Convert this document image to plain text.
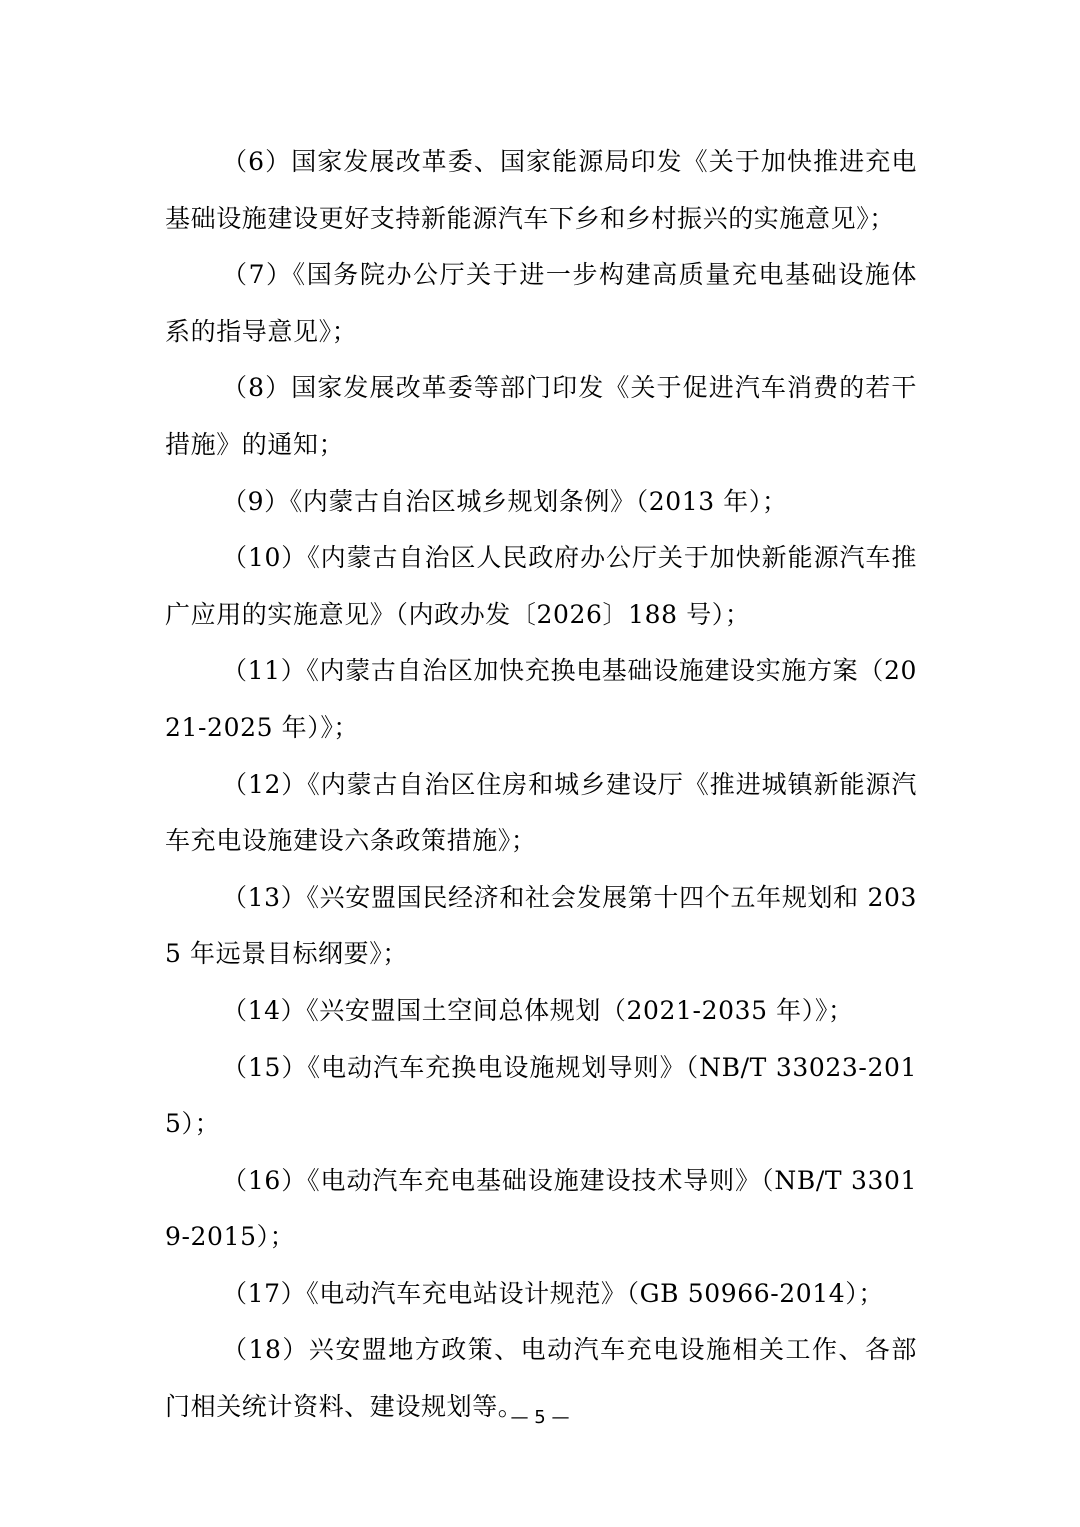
（6）国家发展改革委、国家能源局印发《关于加快推进充电基础设施建设更好支持新能源汽车下乡和乡村振兴的实施意见》；

（7）《国务院办公厅关于进一步构建高质量充电基础设施体系的指导意见》；

（8）国家发展改革委等部门印发《关于促进汽车消费的若干措施》的通知；

（9）《内蒙古自治区城乡规划条例》（2013 年）；

（10）《内蒙古自治区人民政府办公厅关于加快新能源汽车推广应用的实施意见》（内政办发〔2026〕188 号）；

（11）《内蒙古自治区加快充换电基础设施建设实施方案（2021-2025 年）》；

（12）《内蒙古自治区住房和城乡建设厅《推进城镇新能源汽车充电设施建设六条政策措施》；

（13）《兴安盟国民经济和社会发展第十四个五年规划和 2035 年远景目标纲要》；

（14）《兴安盟国土空间总体规划（2021-2035 年）》；

（15）《电动汽车充换电设施规划导则》（NB/T 33023-2015）；

（16）《电动汽车充电基础设施建设技术导则》（NB/T 33019-2015）；

（17）《电动汽车充电站设计规范》（GB 50966-2014）；

（18）兴安盟地方政策、电动汽车充电设施相关工作、各部门相关统计资料、建设规划等。

— 5 —
